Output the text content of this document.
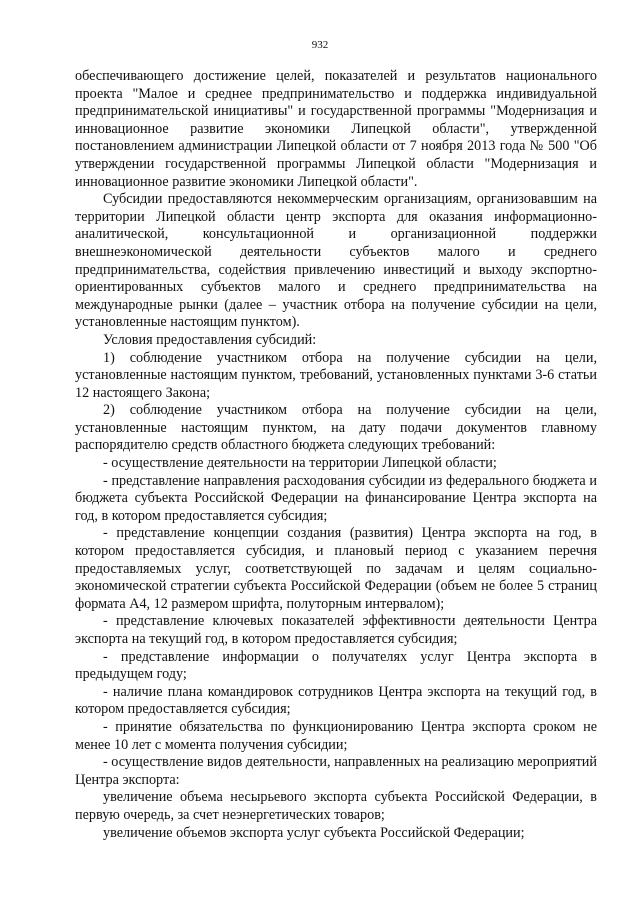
932

обеспечивающего достижение целей, показателей и результатов национального проекта "Малое и среднее предпринимательство и поддержка индивидуальной предпринимательской инициативы" и государственной программы "Модернизация и инновационное развитие экономики Липецкой области", утвержденной постановлением администрации Липецкой области от 7 ноября 2013 года № 500 "Об утверждении государственной программы Липецкой области "Модернизация и инновационное развитие экономики Липецкой области".

Субсидии предоставляются некоммерческим организациям, организовавшим на территории Липецкой области центр экспорта для оказания информационно-аналитической, консультационной и организационной поддержки внешнеэкономической деятельности субъектов малого и среднего предпринимательства, содействия привлечению инвестиций и выходу экспортно-ориентированных субъектов малого и среднего предпринимательства на международные рынки (далее – участник отбора на получение субсидии на цели, установленные настоящим пунктом).

Условия предоставления субсидий:

1) соблюдение участником отбора на получение субсидии на цели, установленные настоящим пунктом, требований, установленных пунктами 3-6 статьи 12 настоящего Закона;

2) соблюдение участником отбора на получение субсидии на цели, установленные настоящим пунктом, на дату подачи документов главному распорядителю средств областного бюджета следующих требований:

- осуществление деятельности на территории Липецкой области;

- представление направления расходования субсидии из федерального бюджета и бюджета субъекта Российской Федерации на финансирование Центра экспорта на год, в котором предоставляется субсидия;

- представление концепции создания (развития) Центра экспорта на год, в котором предоставляется субсидия, и плановый период с указанием перечня предоставляемых услуг, соответствующей по задачам и целям социально-экономической стратегии субъекта Российской Федерации (объем не более 5 страниц формата А4, 12 размером шрифта, полуторным интервалом);

- представление ключевых показателей эффективности деятельности Центра экспорта на текущий год, в котором предоставляется субсидия;

- представление информации о получателях услуг Центра экспорта в предыдущем году;

- наличие плана командировок сотрудников Центра экспорта на текущий год, в котором предоставляется субсидия;

- принятие обязательства по функционированию Центра экспорта сроком не менее 10 лет с момента получения субсидии;

- осуществление видов деятельности, направленных на реализацию мероприятий Центра экспорта:

увеличение объема несырьевого экспорта субъекта Российской Федерации, в первую очередь, за счет неэнергетических товаров;

увеличение объемов экспорта услуг субъекта Российской Федерации;
